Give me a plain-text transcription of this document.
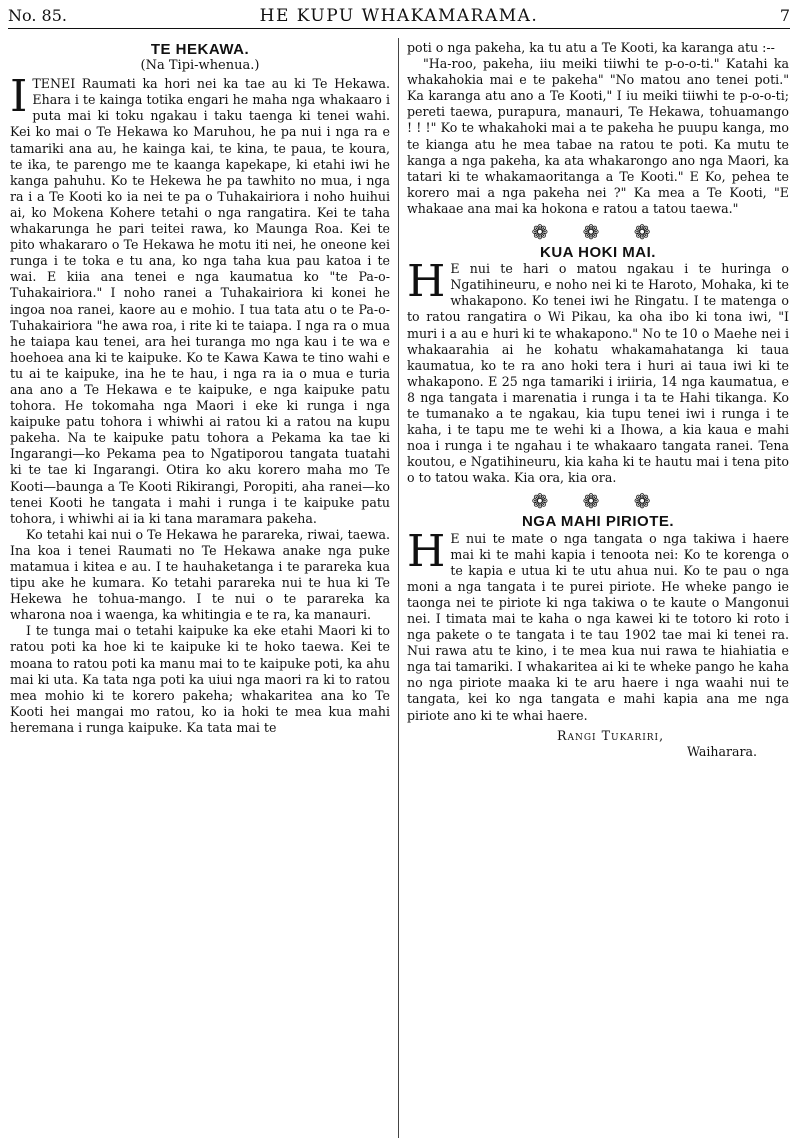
No. 85.	HE KUPU WHAKAMARAMA.	7
TE HEKAWA.
(Na Tipi-whenua.)

ITENEI Raumati ka hori nei ka tae au ki Te Hekawa. Ehara i te kainga totika engari he maha nga whakaaro i puta mai ki toku ngakau i taku taenga ki tenei wahi. Kei ko mai o Te Hekawa ko Maruhou, he pa nui i nga ra e tamariki ana au, he kainga kai, te kina, te paua, te koura, te ika, te parengo me te kaanga kapekape, ki etahi iwi he kanga pahuhu. Ko te Hekewa he pa tawhito no mua, i nga ra i a Te Kooti ko ia nei te pa o Tuhakairiora i noho huihui ai, ko Mokena Kohere tetahi o nga rangatira. Kei te taha whakarunga he pari teitei rawa, ko Maunga Roa. Kei te pito whakararo o Te Hekawa he motu iti nei, he oneone kei runga i te toka e tu ana, ko nga taha kua pau katoa i te wai. E kiia ana tenei e nga kaumatua ko "te Pa-o-Tuhakairiora." I noho ranei a Tuhakairiora ki konei he ingoa noa ranei, kaore au e mohio. I tua tata atu o te Pa-o-Tuhakairiora "he awa roa, i rite ki te taiapa. I nga ra o mua he taiapa kau tenei, ara hei turanga mo nga kau i te wa e hoehoea ana ki te kaipuke. Ko te Kawa Kawa te tino wahi e tu ai te kaipuke, ina he te hau, i nga ra ia o mua e turia ana ano a Te Hekawa e te kaipuke, e nga kaipuke patu tohora. He tokomaha nga Maori i eke ki runga i nga kaipuke patu tohora i whiwhi ai ratou ki a ratou na kupu pakeha. Na te kaipuke patu tohora a Pekama ka tae ki Ingarangi—ko Pekama pea to Ngatiporou tangata tuatahi ki te tae ki Ingarangi. Otira ko aku korero maha mo Te Kooti—baunga a Te Kooti Rikirangi, Poropiti, aha ranei—ko tenei Kooti he tangata i mahi i runga i te kaipuke patu tohora, i whiwhi ai ia ki tana maramara pakeha.

Ko tetahi kai nui o Te Hekawa he parareka, riwai, taewa. Ina koa i tenei Raumati no Te Hekawa anake nga puke matamua i kitea e au. I te hauhaketanga i te parareka kua tipu ake he kumara. Ko tetahi parareka nui te hua ki Te Hekewa he tohua-mango. I te nui o te parareka ka wharona noa i waenga, ka whitingia e te ra, ka manauri.

I te tunga mai o tetahi kaipuke ka eke etahi Maori ki to ratou poti ka hoe ki te kaipuke ki te hoko taewa. Kei te moana to ratou poti ka manu mai to te kaipuke poti, ka ahu mai ki uta. Ka tata nga poti ka uiui nga maori ra ki to ratou mea mohio ki te korero pakeha; whakaritea ana ko Te Kooti hei mangai mo ratou, ko ia hoki te mea kua mahi heremana i runga kaipuke. Ka tata mai te

poti o nga pakeha, ka tu atu a Te Kooti, ka karanga atu :--

"Ha-roo, pakeha, iiu meiki tiiwhi te p-o-o-ti." Katahi ka whakahokia mai e te pakeha" "No matou ano tenei poti." Ka karanga atu ano a Te Kooti," I iu meiki tiiwhi te p-o-o-ti; pereti taewa, purapura, manauri, Te Hekawa, tohuamango ! ! !" Ko te whakahoki mai a te pakeha he puupu kanga, mo te kianga atu he mea tabae na ratou te poti. Ka mutu te kanga a nga pakeha, ka ata whakarongo ano nga Maori, ka tatari ki te whakamaoritanga a Te Kooti." E Ko, pehea te korero mai a nga pakeha nei ?" Ka mea a Te Kooti, "E whakaae ana mai ka hokona e ratou a tatou taewa."

❁ ❁ ❁
KUA HOKI MAI.

H E nui te hari o matou ngakau i te huringa o Ngatihineuru, e noho nei ki te Haroto, Mohaka, ki te whakapono. Ko tenei iwi he Ringatu. I te matenga o to ratou rangatira o Wi Pikau, ka oha ibo ki tona iwi, "I muri i a au e huri ki te whakapono." No te 10 o Maehe nei i whakaarahia ai he kohatu whakamahatanga ki taua kaumatua, ko te ra ano hoki tera i huri ai taua iwi ki te whakapono. E 25 nga tamariki i iriiria, 14 nga kaumatua, e 8 nga tangata i marenatia i runga i ta te Hahi tikanga. Ko te tumanako a te ngakau, kia tupu tenei iwi i runga i te kaha, i te tapu me te wehi ki a Ihowa, a kia kaua e mahi noa i runga i te ngahau i te whakaaro tangata ranei. Tena koutou, e Ngatihineuru, kia kaha ki te hautu mai i tena pito o to tatou waka. Kia ora, kia ora.

❁ ❁ ❁
NGA MAHI PIRIOTE.

H E nui te mate o nga tangata o nga takiwa i haere mai ki te mahi kapia i tenoota nei: Ko te korenga o te kapia e utua ki te utu ahua nui. Ko te pau o nga moni a nga tangata i te purei piriote. He wheke pango ie taonga nei te piriote ki nga takiwa o te kaute o Mangonui nei. I timata mai te kaha o nga kawei ki te totoro ki roto i nga pakete o te tangata i te tau 1902 tae mai ki tenei ra. Nui rawa atu te kino, i te mea kua nui rawa te hiahiatia e nga tai tamariki. I whakaritea ai ki te wheke pango he kaha no nga piriote maaka ki te aru haere i nga waahi nui te tangata, kei ko nga tangata e mahi kapia ana me nga piriote ano ki te whai haere.

Rangi Tukariri,
Waiharara.
